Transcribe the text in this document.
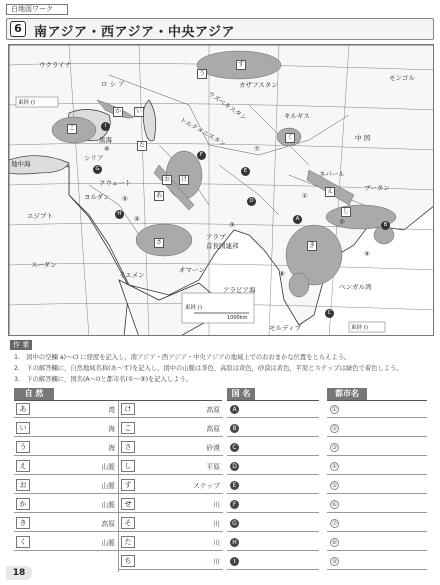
白地図ワーク
6 南アジア・西アジア・中央アジア
ウクライナ
ロ シ ア	カザフスタン
モンゴル
ウズベキスタン	キルギス
トルクメニスタン	中 国
シリア
ヨルダン
クウェート
エジプト
ネパール
ブータン
アラブ
首長国連邦
スーダン
イエメン
オマーン
アラビア海	ベンガル湾
モルディブ
黒海
地中海
東経 ()
東経 ()
東経 ()
1000km
す
う
か	い
こ
た
け
お
く
あ
え
し
き
さ
A
B
C
D
E
F
G
H
I
①
②
③
④
⑤
⑥	⑦
⑧
⑨
作 業
1.　図中の空欄 a)〜c) に経度を記入し，南アジア・西アジア・中央アジアの地域上でのおおまかな位置をとらえよう。
2.　下の解答欄に，自然地域名称(あ〜す)を記入し，図中の山脈は茶色，高原は黄色，砂漠は黄色，平原とステップは緑色で着色しよう。
3.　下の解答欄に，国名(A〜I)と都市名(①〜⑨)を記入しよう。
自 然	国 名	都市名
あ	湾
い	海
う	海
え	山脈
お	山脈
か	山脈
き	高原
く	山脈
け	高原
こ	高原
さ	砂漠
し	平原
す	ステップ
せ	川
そ	川
た	川
ち	川
A
B
C
D
E
F
G
H
I
①
②
③
④
⑤
⑥
⑦
⑧
⑨
18
